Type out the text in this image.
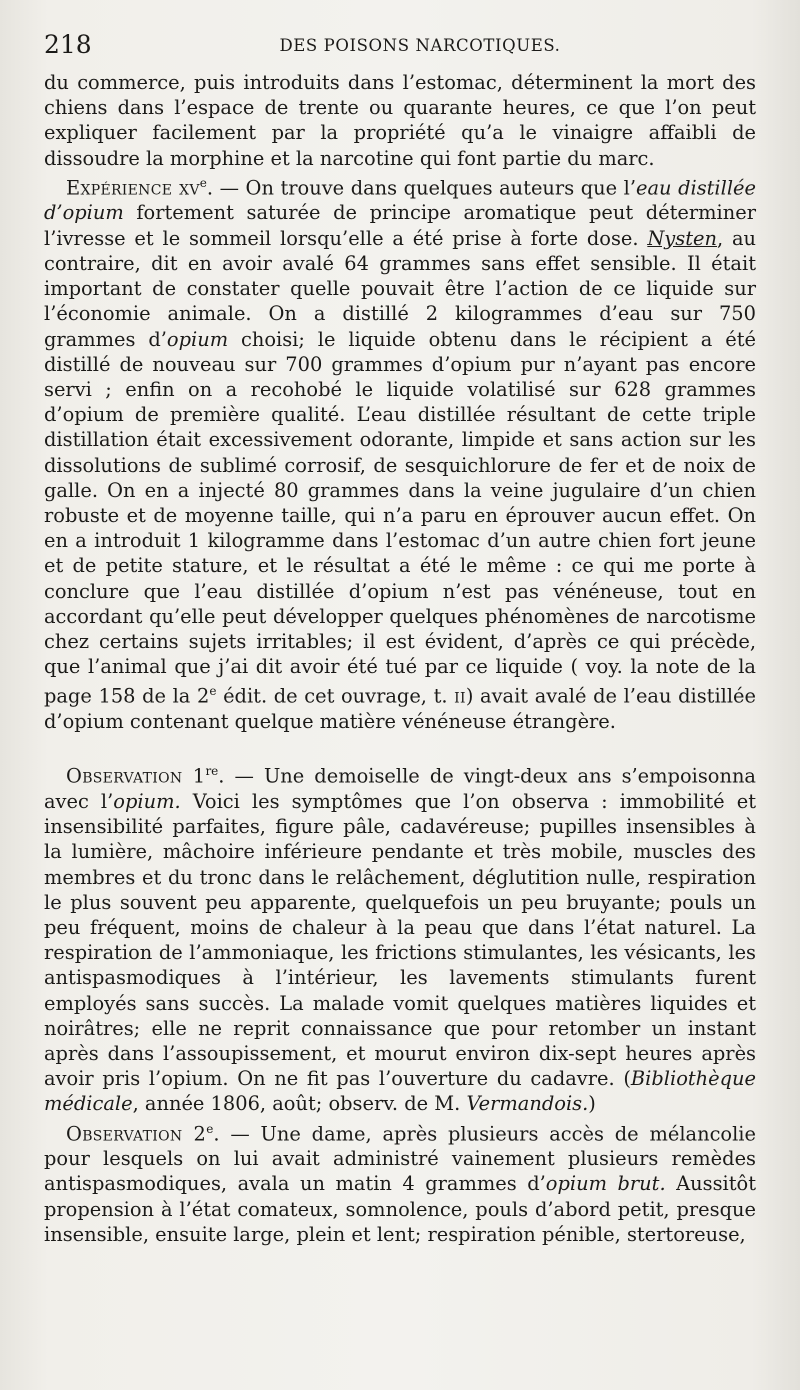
218	DES POISONS NARCOTIQUES.

du commerce, puis introduits dans l’estomac, déterminent la mort des chiens dans l’espace de trente ou quarante heures, ce que l’on peut expliquer facilement par la propriété qu’a le vinaigre affaibli de dissoudre la morphine et la narcotine qui font partie du marc.

Expérience $xv^e$. — On trouve dans quelques auteurs que l’eau distillée d’opium fortement saturée de principe aromatique peut déterminer l’ivresse et le sommeil lorsqu’elle a été prise à forte dose. Nysten, au contraire, dit en avoir avalé 64 grammes sans effet sensible. Il était important de constater quelle pouvait être l’action de ce liquide sur l’économie animale. On a distillé 2 kilogrammes d’eau sur 750 grammes d’opium choisi; le liquide obtenu dans le récipient a été distillé de nouveau sur 700 grammes d’opium pur n’ayant pas encore servi ; enfin on a recohobé le liquide volatilisé sur 628 grammes d’opium de première qualité. L’eau distillée résultant de cette triple distillation était excessivement odorante, limpide et sans action sur les dissolutions de sublimé corrosif, de sesquichlorure de fer et de noix de galle. On en a injecté 80 grammes dans la veine jugulaire d’un chien robuste et de moyenne taille, qui n’a paru en éprouver aucun effet. On en a introduit 1 kilogramme dans l’estomac d’un autre chien fort jeune et de petite stature, et le résultat a été le même : ce qui me porte à conclure que l’eau distillée d’opium n’est pas vénéneuse, tout en accordant qu’elle peut développer quelques phénomènes de narcotisme chez certains sujets irritables; il est évident, d’après ce qui précède, que l’animal que j’ai dit avoir été tué par ce liquide ( voy. la note de la page 158 de la 2e édit. de cet ouvrage, t. ii) avait avalé de l’eau distillée d’opium contenant quelque matière vénéneuse étrangère.

Observation 1re. — Une demoiselle de vingt-deux ans s’empoisonna avec l’opium. Voici les symptômes que l’on observa : immobilité et insensibilité parfaites, figure pâle, cadavéreuse; pupilles insensibles à la lumière, mâchoire inférieure pendante et très mobile, muscles des membres et du tronc dans le relâchement, déglutition nulle, respiration le plus souvent peu apparente, quelquefois un peu bruyante; pouls un peu fréquent, moins de chaleur à la peau que dans l’état naturel. La respiration de l’ammoniaque, les frictions stimulantes, les vésicants, les antispasmodiques à l’intérieur, les lavements stimulants furent employés sans succès. La malade vomit quelques matières liquides et noirâtres; elle ne reprit connaissance que pour retomber un instant après dans l’assoupissement, et mourut environ dix-sept heures après avoir pris l’opium. On ne fit pas l’ouverture du cadavre. (Bibliothèque médicale, année 1806, août; observ. de M. Vermandois.)

Observation 2e. — Une dame, après plusieurs accès de mélancolie pour lesquels on lui avait administré vainement plusieurs remèdes antispasmodiques, avala un matin 4 grammes d’opium brut. Aussitôt propension à l’état comateux, somnolence, pouls d’abord petit, presque insensible, ensuite large, plein et lent; respiration pénible, stertoreuse,
